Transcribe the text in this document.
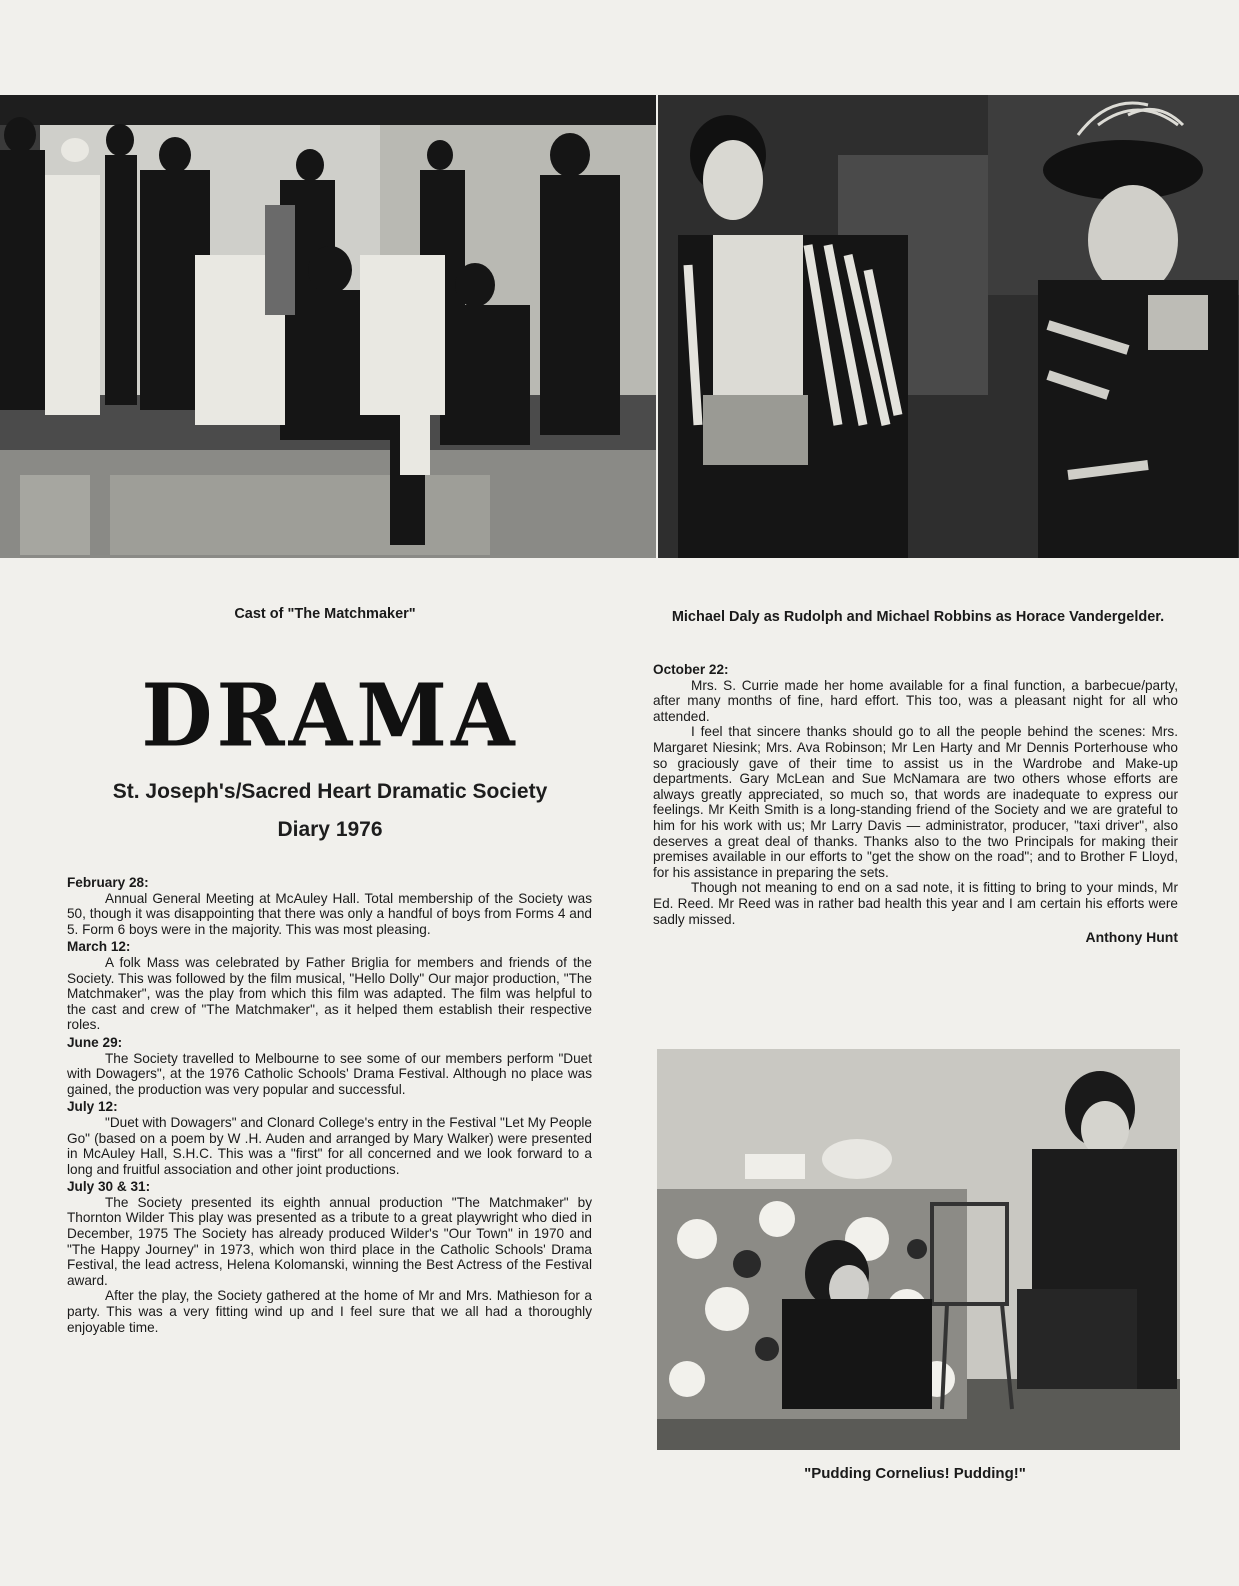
Cast of "The Matchmaker"	Michael Daly as Rudolph and Michael Robbins as Horace Vandergelder.
DRAMA
St. Joseph's/Sacred Heart Dramatic Society
Diary 1976
February 28:

Annual General Meeting at McAuley Hall. Total membership of the Society was 50, though it was disappointing that there was only a handful of boys from Forms 4 and 5. Form 6 boys were in the majority. This was most pleasing.

March 12:

A folk Mass was celebrated by Father Briglia for members and friends of the Society. This was followed by the film musical, "Hello Dolly" Our major production, "The Matchmaker", was the play from which this film was adapted. The film was helpful to the cast and crew of "The Matchmaker", as it helped them establish their respective roles.

June 29:

The Society travelled to Melbourne to see some of our members perform "Duet with Dowagers", at the 1976 Catholic Schools' Drama Festival. Although no place was gained, the production was very popular and successful.

July 12:

"Duet with Dowagers" and Clonard College's entry in the Festival "Let My People Go" (based on a poem by W .H. Auden and arranged by Mary Walker) were presented in McAuley Hall, S.H.C. This was a "first" for all concerned and we look forward to a long and fruitful association and other joint productions.

July 30 & 31:

The Society presented its eighth annual production "The Matchmaker" by Thornton Wilder This play was presented as a tribute to a great playwright who died in December, 1975 The Society has already produced Wilder's "Our Town" in 1970 and "The Happy Journey" in 1973, which won third place in the Catholic Schools' Drama Festival, the lead actress, Helena Kolomanski, winning the Best Actress of the Festival award.

After the play, the Society gathered at the home of Mr and Mrs. Mathieson for a party. This was a very fitting wind up and I feel sure that we all had a thoroughly enjoyable time.

October 22:

Mrs. S. Currie made her home available for a final function, a barbecue/party, after many months of fine, hard effort. This too, was a pleasant night for all who attended.

I feel that sincere thanks should go to all the people behind the scenes: Mrs. Margaret Niesink; Mrs. Ava Robinson; Mr Len Harty and Mr Dennis Porterhouse who so graciously gave of their time to assist us in the Wardrobe and Make-up departments. Gary McLean and Sue McNamara are two others whose efforts are always greatly appreciated, so much so, that words are inadequate to express our feelings. Mr Keith Smith is a long-standing friend of the Society and we are grateful to him for his work with us; Mr Larry Davis — administrator, producer, "taxi driver", also deserves a great deal of thanks. Thanks also to the two Principals for making their premises available in our efforts to "get the show on the road"; and to Brother F Lloyd, for his assistance in preparing the sets.

Though not meaning to end on a sad note, it is fitting to bring to your minds, Mr Ed. Reed. Mr Reed was in rather bad health this year and I am certain his efforts were sadly missed.

Anthony Hunt
"Pudding Cornelius! Pudding!"
